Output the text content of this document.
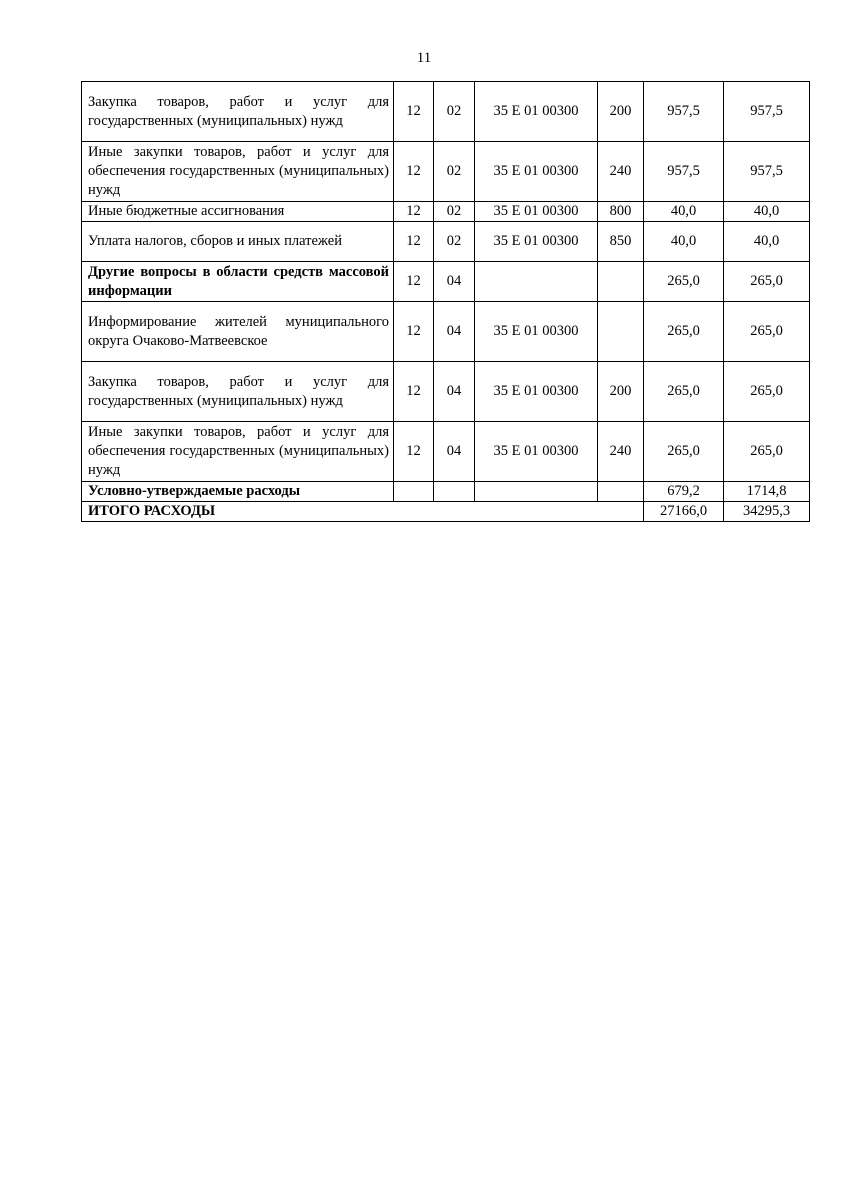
11
Закупка товаров, работ и услуг для государственных (муниципальных) нужд	12	02	35 Е 01 00300	200	957,5	957,5
Иные закупки товаров, работ и услуг для обеспечения государственных (муниципальных) нужд	12	02	35 Е 01 00300	240	957,5	957,5
Иные бюджетные ассигнования	12	02	35 Е 01 00300	800	40,0	40,0
Уплата налогов, сборов и иных платежей	12	02	35 Е 01 00300	850	40,0	40,0
Другие вопросы в области средств массовой информации	12	04			265,0	265,0
Информирование жителей муниципального округа Очаково-Матвеевское	12	04	35 Е 01 00300		265,0	265,0
Закупка товаров, работ и услуг для государственных (муниципальных) нужд	12	04	35 Е 01 00300	200	265,0	265,0
Иные закупки товаров, работ и услуг для обеспечения государственных (муниципальных) нужд	12	04	35 Е 01 00300	240	265,0	265,0
Условно-утверждаемые расходы					679,2	1714,8
ИТОГО РАСХОДЫ					27166,0	34295,3
